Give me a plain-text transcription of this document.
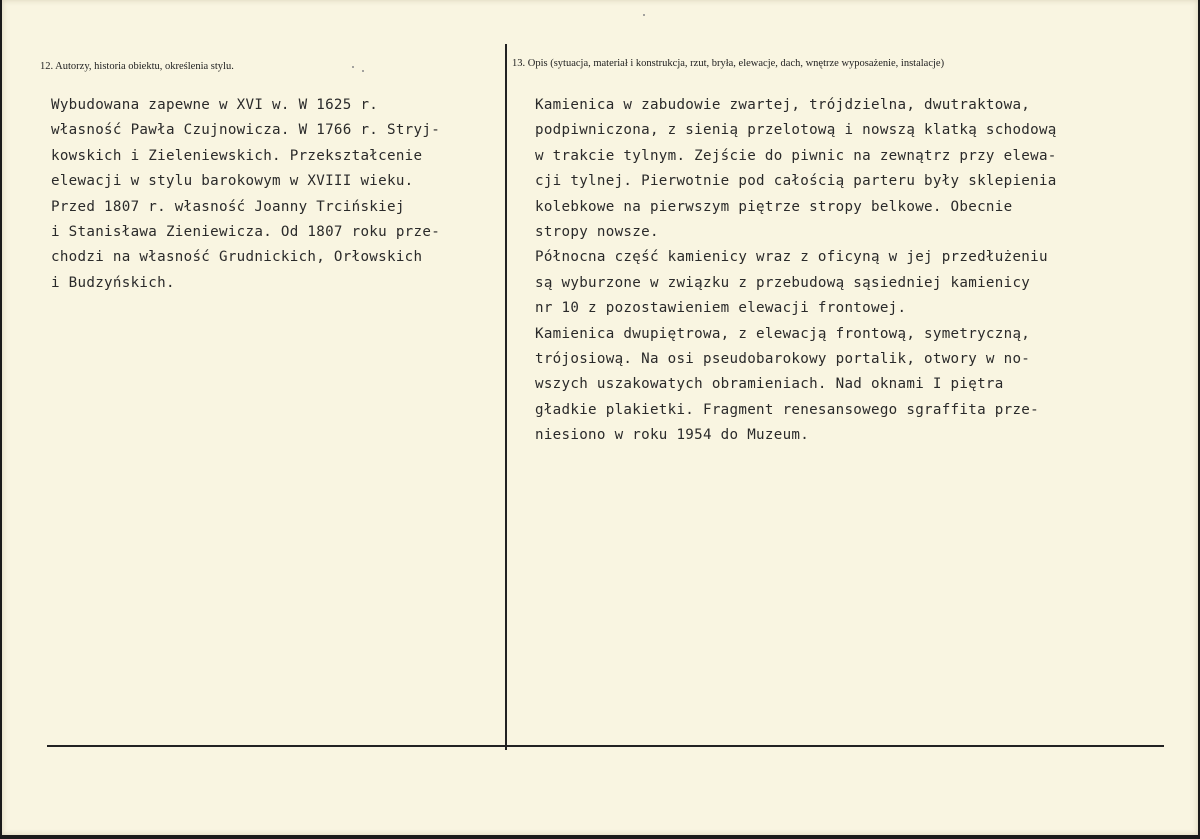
12. Autorzy, historia obiektu, określenia stylu.	13. Opis (sytuacja, materiał i konstrukcja, rzut, bryła, elewacje, dach, wnętrze wyposażenie, instalacje)
Wybudowana zapewne w XVI w. W 1625 r.
własność Pawła Czujnowicza. W 1766 r. Stryj-
kowskich i Zieleniewskich. Przekształcenie
elewacji w stylu barokowym w XVIII wieku.
Przed 1807 r. własność Joanny Trcińskiej
i Stanisława Zieniewicza. Od 1807 roku prze-
chodzi na własność Grudnickich, Orłowskich
i Budzyńskich.
Kamienica w zabudowie zwartej, trójdzielna, dwutraktowa,
podpiwniczona, z sienią przelotową i nowszą klatką schodową
w trakcie tylnym. Zejście do piwnic na zewnątrz przy elewa-
cji tylnej. Pierwotnie pod całością parteru były sklepienia
kolebkowe na pierwszym piętrze stropy belkowe. Obecnie
stropy nowsze.
Północna część kamienicy wraz z oficyną w jej przedłużeniu
są wyburzone w związku z przebudową sąsiedniej kamienicy
nr 10 z pozostawieniem elewacji frontowej.
Kamienica dwupiętrowa, z elewacją frontową, symetryczną,
trójosiową. Na osi pseudobarokowy portalik, otwory w no-
wszych uszakowatych obramieniach. Nad oknami I piętra
gładkie plakietki. Fragment renesansowego sgraffita prze-
niesiono w roku 1954 do Muzeum.
